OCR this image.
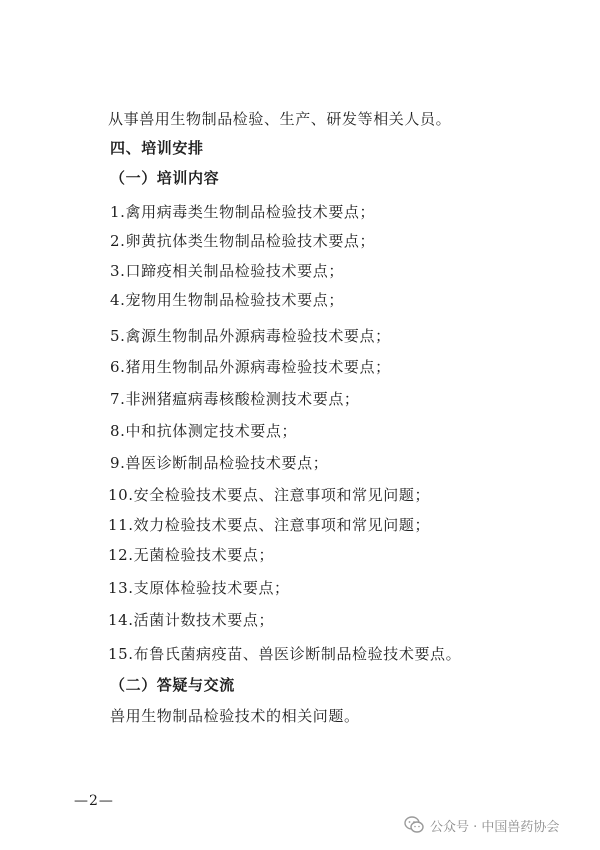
从事兽用生物制品检验、生产、研发等相关人员。
四、培训安排
（一）培训内容
1.禽用病毒类生物制品检验技术要点；
2.卵黄抗体类生物制品检验技术要点；
3.口蹄疫相关制品检验技术要点；
4.宠物用生物制品检验技术要点；
5.禽源生物制品外源病毒检验技术要点；
6.猪用生物制品外源病毒检验技术要点；
7.非洲猪瘟病毒核酸检测技术要点；
8.中和抗体测定技术要点；
9.兽医诊断制品检验技术要点；
10.安全检验技术要点、注意事项和常见问题；
11.效力检验技术要点、注意事项和常见问题；
12.无菌检验技术要点；
13.支原体检验技术要点；
14.活菌计数技术要点；
15.布鲁氏菌病疫苗、兽医诊断制品检验技术要点。
（二）答疑与交流
兽用生物制品检验技术的相关问题。
—2—
公众号 · 中国兽药协会
